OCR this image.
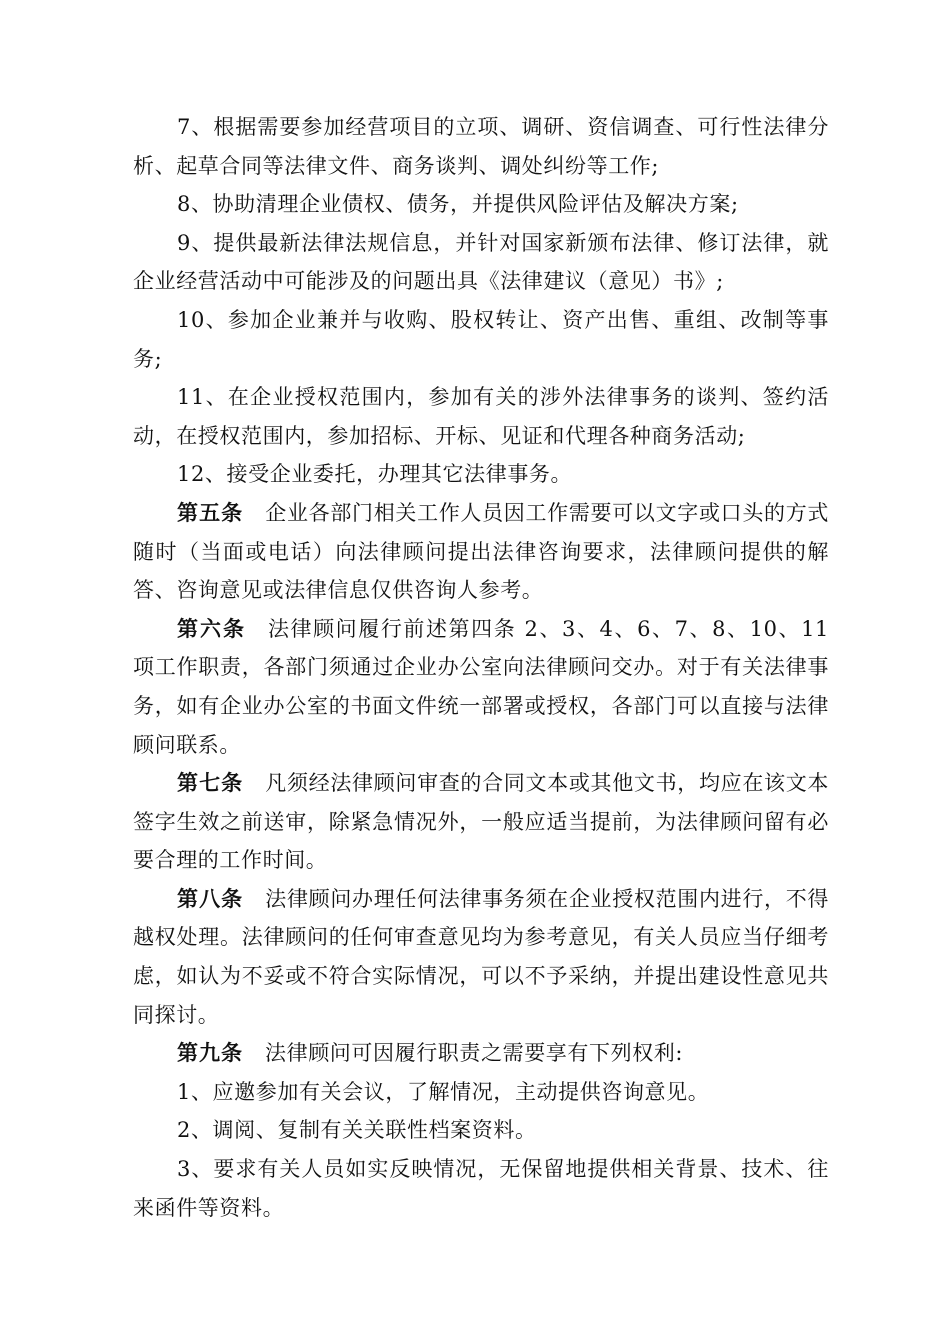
7、根据需要参加经营项目的立项、调研、资信调查、可行性法律分析、起草合同等法律文件、商务谈判、调处纠纷等工作;

8、协助清理企业债权、债务，并提供风险评估及解决方案;

9、提供最新法律法规信息，并针对国家新颁布法律、修订法律，就企业经营活动中可能涉及的问题出具《法律建议（意见）书》;

10、参加企业兼并与收购、股权转让、资产出售、重组、改制等事务;

11、在企业授权范围内，参加有关的涉外法律事务的谈判、签约活动，在授权范围内，参加招标、开标、见证和代理各种商务活动;

12、接受企业委托，办理其它法律事务。

第五条 企业各部门相关工作人员因工作需要可以文字或口头的方式随时（当面或电话）向法律顾问提出法律咨询要求，法律顾问提供的解答、咨询意见或法律信息仅供咨询人参考。

第六条 法律顾问履行前述第四条 2、3、4、6、7、8、10、11 项工作职责，各部门须通过企业办公室向法律顾问交办。对于有关法律事务，如有企业办公室的书面文件统一部署或授权，各部门可以直接与法律顾问联系。

第七条 凡须经法律顾问审查的合同文本或其他文书，均应在该文本签字生效之前送审，除紧急情况外，一般应适当提前，为法律顾问留有必要合理的工作时间。

第八条 法律顾问办理任何法律事务须在企业授权范围内进行，不得越权处理。法律顾问的任何审查意见均为参考意见，有关人员应当仔细考虑，如认为不妥或不符合实际情况，可以不予采纳，并提出建设性意见共同探讨。

第九条 法律顾问可因履行职责之需要享有下列权利:

1、应邀参加有关会议，了解情况，主动提供咨询意见。

2、调阅、复制有关关联性档案资料。

3、要求有关人员如实反映情况，无保留地提供相关背景、技术、往来函件等资料。
